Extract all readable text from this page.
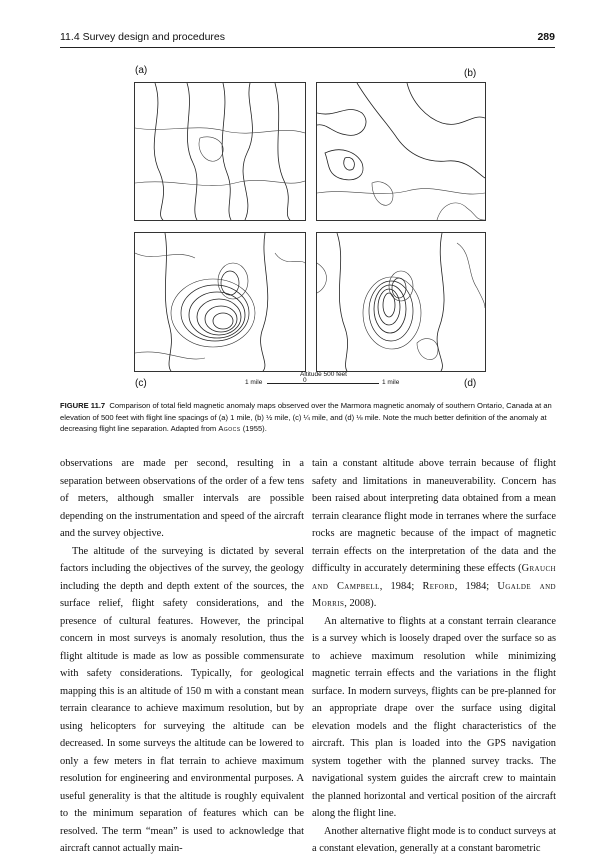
11.4 Survey design and procedures	289
(a)	(b)
(c)	(d)
Altitude 500 feet
1 mile	0	1 mile
FIGURE 11.7 Comparison of total field magnetic anomaly maps observed over the Marmora magnetic anomaly of southern Ontario, Canada at an elevation of 500 feet with flight line spacings of (a) 1 mile, (b) ½ mile, (c) ¼ mile, and (d) ⅛ mile. Note the much better definition of the anomaly at decreasing flight line separation. Adapted from Agocs (1955).

observations are made per second, resulting in a separation between observations of the order of a few tens of meters, although smaller intervals are possible depending on the instrumentation and speed of the aircraft and the survey objective.

The altitude of the surveying is dictated by several factors including the objectives of the survey, the geology including the depth and depth extent of the sources, the surface relief, flight safety considerations, and the presence of cultural features. However, the principal concern in most surveys is anomaly resolution, thus the flight altitude is made as low as possible commensurate with safety considerations. Typically, for geological mapping this is an altitude of 150 m with a constant mean terrain clearance to achieve maximum resolution, but by using helicopters for surveying the altitude can be decreased. In some surveys the altitude can be lowered to only a few meters in flat terrain to achieve maximum resolution for engineering and environmental purposes. A useful generality is that the altitude is roughly equivalent to the minimum separation of features which can be resolved. The term “mean” is used to acknowledge that aircraft cannot actually main-

tain a constant altitude above terrain because of flight safety and limitations in maneuverability. Concern has been raised about interpreting data obtained from a mean terrain clearance flight mode in terranes where the surface rocks are magnetic because of the impact of magnetic terrain effects on the interpretation of the data and the difficulty in accurately determining these effects (Grauch and Campbell, 1984; Reford, 1984; Ugalde and Morris, 2008).

An alternative to flights at a constant terrain clearance is a survey which is loosely draped over the surface so as to achieve maximum resolution while minimizing magnetic terrain effects and the variations in the flight surface. In modern surveys, flights can be pre-planned for an appropriate drape over the surface using digital elevation models and the flight characteristics of the aircraft. This plan is loaded into the GPS navigation system together with the planned survey tracks. The navigational system guides the aircraft crew to maintain the planned horizontal and vertical position of the aircraft along the flight line.

Another alternative flight mode is to conduct surveys at a constant elevation, generally at a constant barometric
